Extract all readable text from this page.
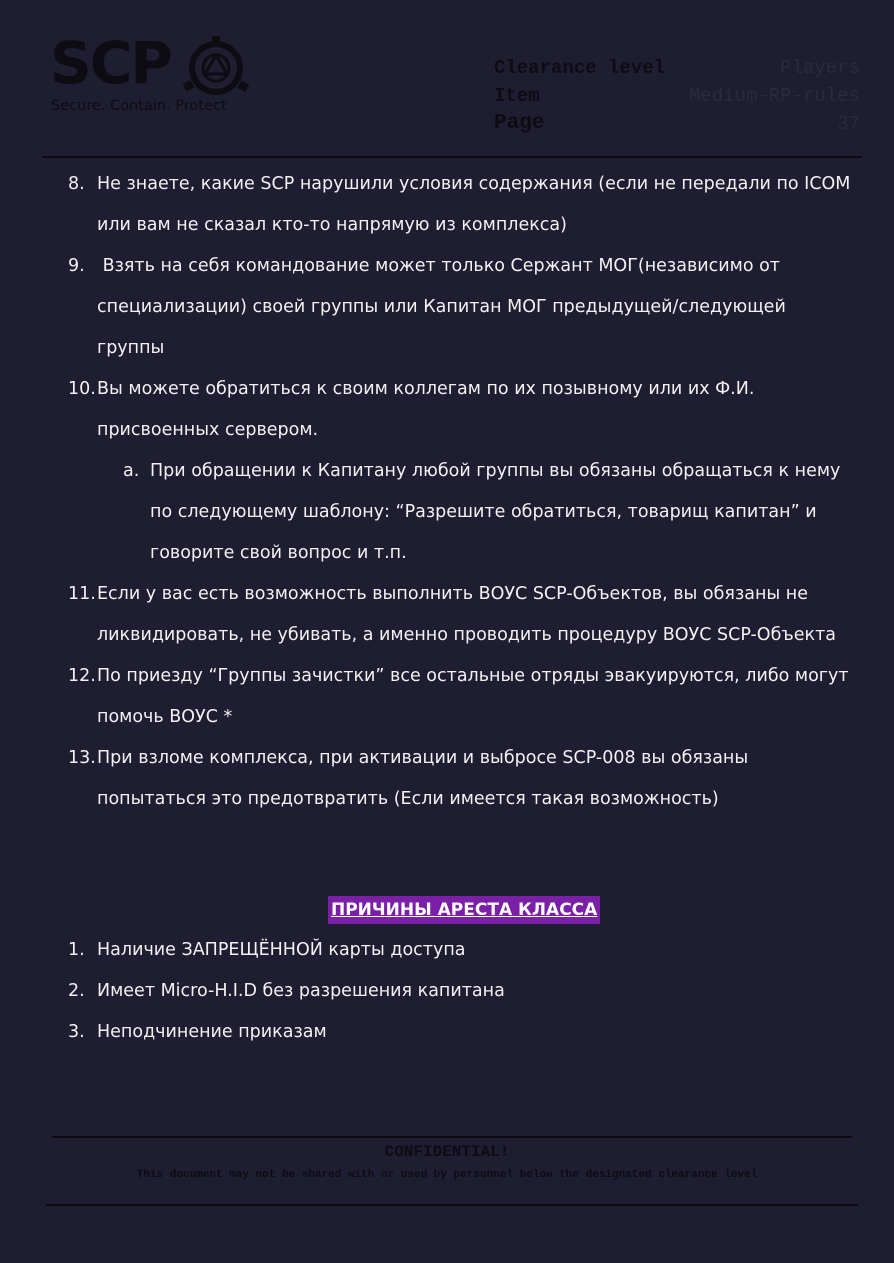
SCP
Secure. Contain. Protect
Clearance level	Players
Item	Medium-RP-rules
Page	37
8. Не знаете, какие SCP нарушили условия содержания (если не передали по ICOM или вам не сказал кто-то напрямую из комплекса)
9. Взять на себя командование может только Сержант МОГ(независимо от специализации) своей группы или Капитан МОГ предыдущей/следующей группы
10. Вы можете обратиться к своим коллегам по их позывному или их Ф.И. присвоенных сервером.
a. При обращении к Капитану любой группы вы обязаны обращаться к нему по следующему шаблону: “Разрешите обратиться, товарищ капитан” и говорите свой вопрос и т.п.
11. Если у вас есть возможность выполнить ВОУС SCP-Объектов, вы обязаны не ликвидировать, не убивать, а именно проводить процедуру ВОУС SCP-Объекта
12. По приезду “Группы зачистки” все остальные отряды эвакуируются, либо могут помочь ВОУС *
13. При взломе комплекса, при активации и выбросе SCP-008 вы обязаны попытаться это предотвратить (Если имеется такая возможность)
ПРИЧИНЫ АРЕСТА КЛАССА
1. Наличие ЗАПРЕЩЁННОЙ карты доступа
2. Имеет Micro-H.I.D без разрешения капитана
3. Неподчинение приказам
CONFIDENTIAL!
This document may not be shared with or used by personnel below the designated clearance level
